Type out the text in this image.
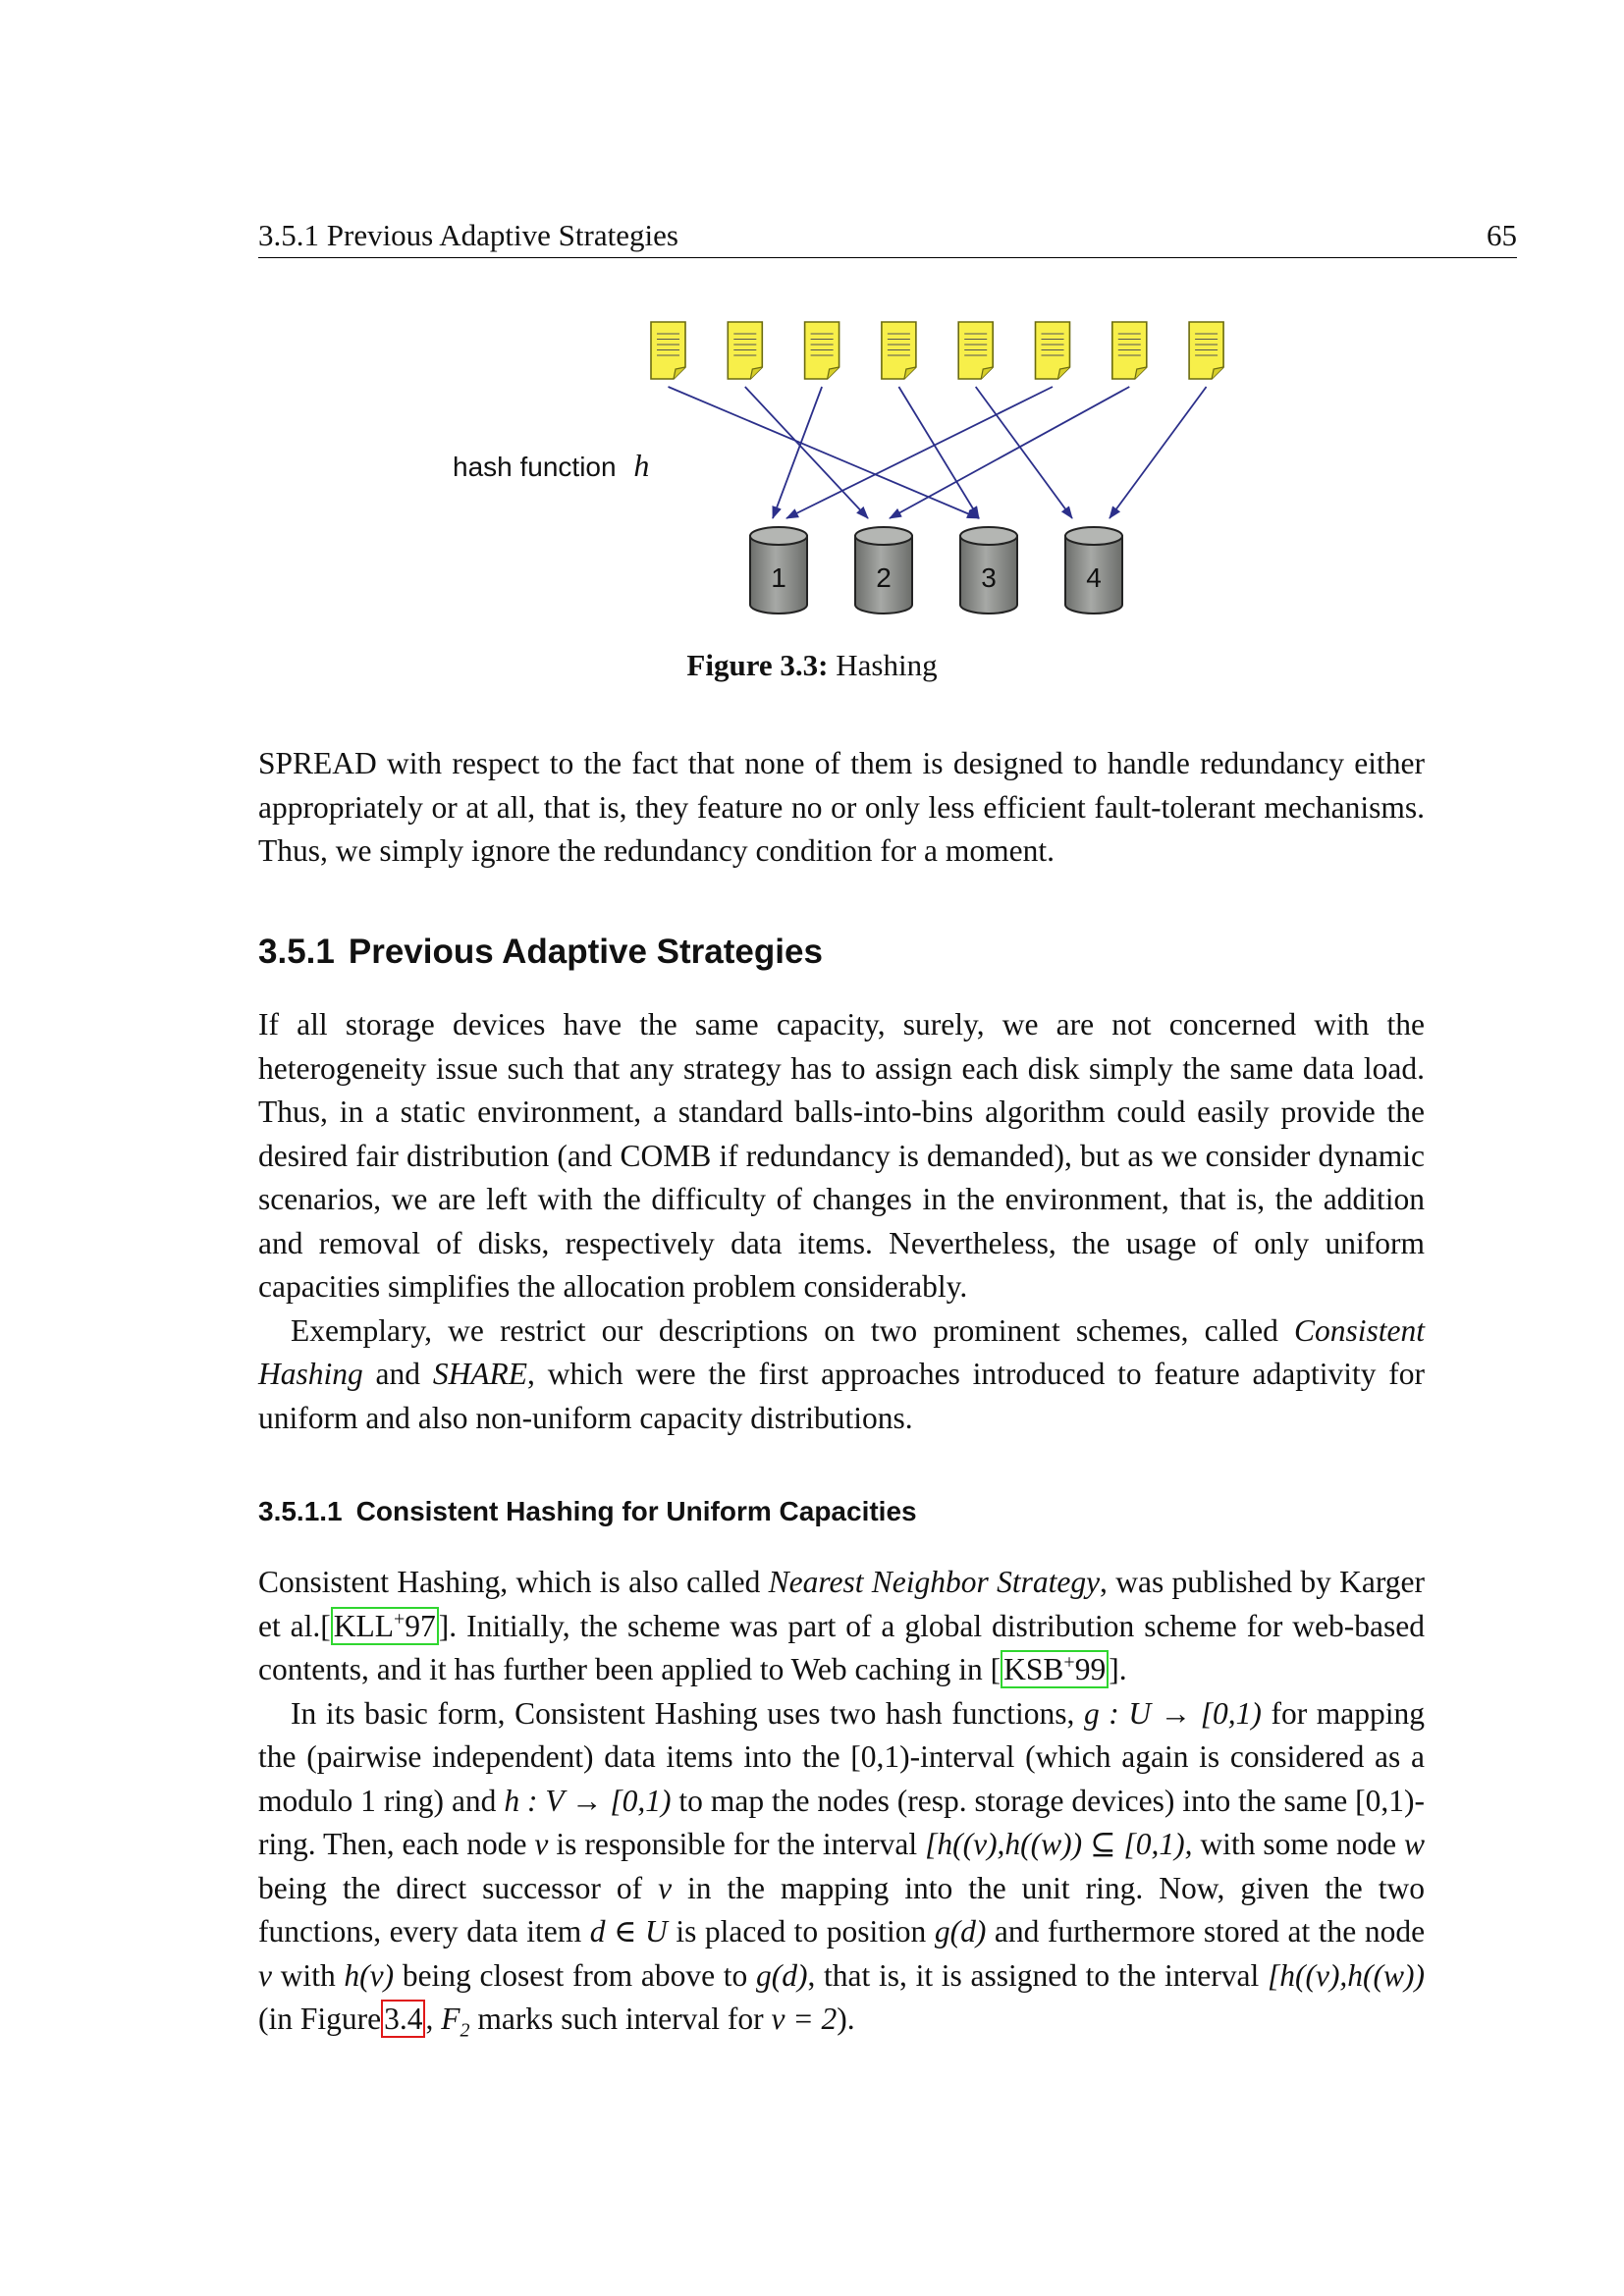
3.5.1 Previous Adaptive Strategies	65
1	2	3	4
hash function h
Figure 3.3: Hashing

SPREAD with respect to the fact that none of them is designed to handle redundancy either appropriately or at all, that is, they feature no or only less efficient fault-tolerant mechanisms. Thus, we simply ignore the redundancy condition for a moment.

3.5.1 Previous Adaptive Strategies

If all storage devices have the same capacity, surely, we are not concerned with the heterogeneity issue such that any strategy has to assign each disk simply the same data load. Thus, in a static environment, a standard balls-into-bins algorithm could easily provide the desired fair distribution (and COMB if redundancy is demanded), but as we consider dynamic scenarios, we are left with the difficulty of changes in the environment, that is, the addition and removal of disks, respectively data items. Nevertheless, the usage of only uniform capacities simplifies the allocation problem considerably.

Exemplary, we restrict our descriptions on two prominent schemes, called Consistent Hashing and SHARE, which were the first approaches introduced to feature adaptivity for uniform and also non-uniform capacity distributions.

3.5.1.1 Consistent Hashing for Uniform Capacities

Consistent Hashing, which is also called Nearest Neighbor Strategy, was published by Karger et al.[KLL+97]. Initially, the scheme was part of a global distribution scheme for web-based contents, and it has further been applied to Web caching in [KSB+99].

In its basic form, Consistent Hashing uses two hash functions, g : U → [0,1) for mapping the (pairwise independent) data items into the [0,1)-interval (which again is considered as a modulo 1 ring) and h : V → [0,1) to map the nodes (resp. storage devices) into the same [0,1)-ring. Then, each node v is responsible for the interval [h((v),h((w)) ⊆ [0,1), with some node w being the direct successor of v in the mapping into the unit ring. Now, given the two functions, every data item d ∈ U is placed to position g(d) and furthermore stored at the node v with h(v) being closest from above to g(d), that is, it is assigned to the interval [h((v),h((w)) (in Figure3.4, $F_2$ marks such interval for v = 2).
